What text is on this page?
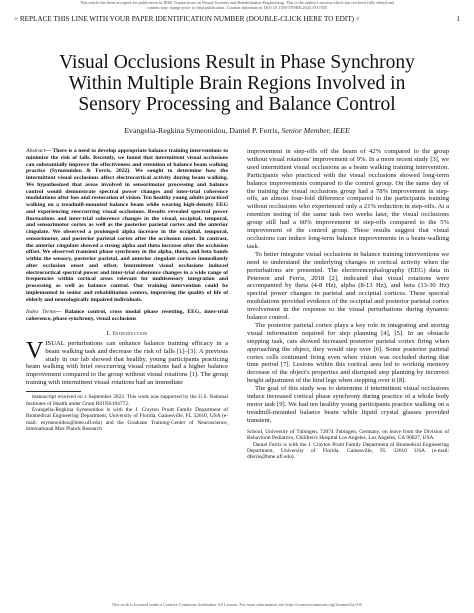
This article has been accepted for publication in IEEE Transactions on Neural Systems and Rehabilitation Engineering. This is the author's version which has not been fully edited and
content may change prior to final publication. Citation information: DOI 10.1109/TNSRE.2023.3317055
> REPLACE THIS LINE WITH YOUR PAPER IDENTIFICATION NUMBER (DOUBLE-CLICK HERE TO EDIT) <	1
Visual Occlusions Result in Phase Synchrony
Within Multiple Brain Regions Involved in
Sensory Processing and Balance Control
Evangelia-Regkina Symeonidou, Daniel P. Ferris, Senior Member, IEEE

Abstract— There is a need to develop appropriate balance training interventions to minimize the risk of falls. Recently, we found that intermittent visual occlusions can substantially improve the effectiveness and retention of balance beam walking practice (Symeonidou & Ferris, 2022). We sought to determine how the intermittent visual occlusions affect electrocortical activity during beam walking. We hypothesized that areas involved in sensorimotor processing and balance control would demonstrate spectral power changes and inter-trial coherence modulations after loss and restoration of vision. Ten healthy young adults practiced walking on a treadmill-mounted balance beam while wearing high-density EEG and experiencing reoccurring visual occlusions. Results revealed spectral power fluctuations and inter-trial coherence changes in the visual, occipital, temporal, and sensorimotor cortex as well as the posterior parietal cortex and the anterior cingulate. We observed a prolonged alpha increase in the occipital, temporal, sensorimotor, and posterior parietal cortex after the occlusion onset. In contrast, the anterior cingulate showed a strong alpha and theta increase after the occlusion offset. We observed transient phase synchrony in the alpha, theta, and beta bands within the sensory, posterior parietal, and anterior cingulate cortices immediately after occlusion onset and offset. Intermittent visual occlusions induced electrocortical spectral power and inter-trial coherence changes in a wide range of frequencies within cortical areas relevant for multisensory integration and processing as well as balance control. Our training intervention could be implemented in senior and rehabilitation centers, improving the quality of life of elderly and neurologically impaired individuals.

Index Terms— Balance control, cross modal phase resetting, EEG, inter-trial coherence, phase synchrony, visual occlusions

I. Introduction

VISUAL perturbations can enhance balance training efficacy in a beam walking task and decrease the risk of falls [1]–[3]. A previous study in our lab showed that healthy, young participants practicing beam walking with brief reoccurring visual rotations had a higher balance improvement compared to the group without visual rotations [1]. The group training with intermittent visual rotations had an immediate

manuscript received on x September 2022. This work was supported by the U.S. National Institutes of Health under Grant R01NS104772.

Evangelia-Regkina Symeonidou is with the J. Crayton Pruitt Family Department of Biomedical Engineering Department, University of Florida, Gainesville, FL 32610, USA (e-mail: esymeonidou@bme.ufl.edu) and the Graduate Training-Center of Neuroscience, International Max Planck Research

improvement in step-offs off the beam of 42% compared to the group without visual rotations' improvement of 9%. In a more recent study [3], we used intermittent visual occlusions as a beam walking training intervention. Participants who practiced with the visual occlusions showed long-term balance improvements compared to the control group. On the same day of the training the visual occlusions group had a 78% improvement in step-offs, an almost four-fold difference compared to the participants training without occlusions who experienced only a 21% reduction in step-offs. At a retention testing of the same task two weeks later, the visual occlusions group still had a 60% improvement in step-offs compared to the 5% improvement of the control group. These results suggest that visual occlusions can induce long-term balance improvements in a beam-walking task.

To better integrate visual occlusions in balance training interventions we need to understand the underlying changes in cortical activity when the perturbations are presented. The electroencephalography (EEG) data in Peterson and Ferris, 2018 [2], indicated that visual rotations were accompanied by theta (4-8 Hz), alpha (8-13 Hz), and beta (13-30 Hz) spectral power changes in parietal and occipital cortices. These spectral modulations provided evidence of the occipital and posterior parietal cortex involvement in the response to the visual perturbations during dynamic balance control.

The posterior parietal cortex plays a key role in integrating and storing visual information required for step planning [4], [5]. In an obstacle stepping task, cats showed increased posterior parietal cortex firing when approaching the object, they would step over [6]. Some posterior parietal cortex cells continued firing even when vision was occluded during that time period [7]. Lesions within this cortical area led to working memory decrease of the object's properties and disrupted step planning by incorrect height adjustment of the hind legs when stepping over it [8].

The goal of this study was to determine if intermittent visual occlusions induce increased cortical phase synchrony during practice of a whole body motor task [9]. We had ten healthy young participants practice walking on a treadmill-mounted balance beam while liquid crystal glasses provided transient,

School, University of Tubingen, 72074 Tubingen, Germany, on leave from the Division of Behavioral Pediatrics, Children's Hospital Los Angeles, Los Angeles, CA 90027, USA.

Daniel Ferris is with the J. Crayton Pruitt Family Department of Biomedical Engineering Department, University of Florida, Gainesville, FL 32610 USA (e-mail: dferris@bme.ufl.edu).

This work is licensed under a Creative Commons Attribution 4.0 License. For more information, see https://creativecommons.org/licenses/by/4.0/
